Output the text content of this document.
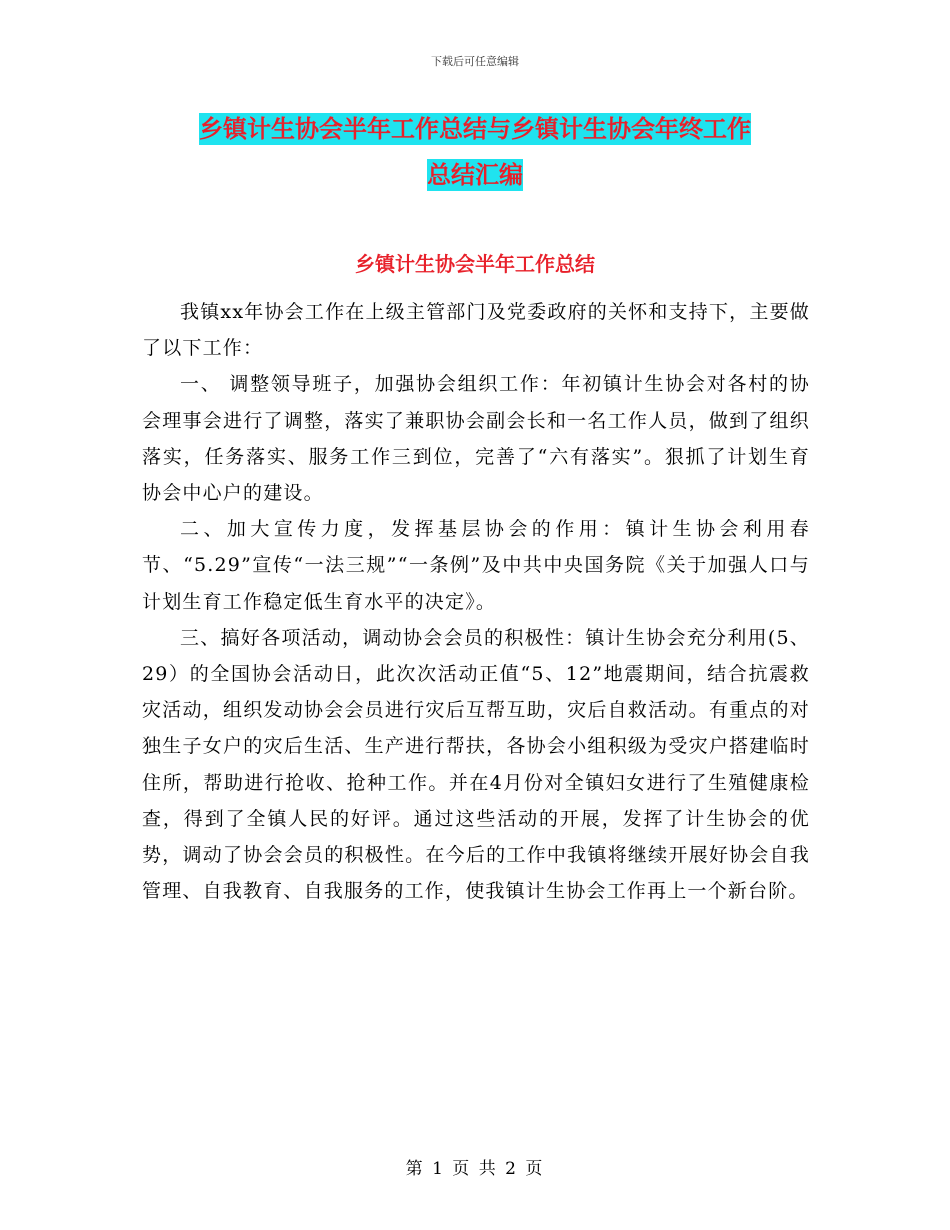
下载后可任意编辑
乡镇计生协会半年工作总结与乡镇计生协会年终工作
总结汇编
乡镇计生协会半年工作总结

我镇xx年协会工作在上级主管部门及党委政府的关怀和支持下，主要做了以下工作：

一、 调整领导班子，加强协会组织工作：年初镇计生协会对各村的协会理事会进行了调整，落实了兼职协会副会长和一名工作人员，做到了组织落实，任务落实、服务工作三到位，完善了“六有落实”。狠抓了计划生育协会中心户的建设。

二、加大宣传力度，发挥基层协会的作用：镇计生协会利用春节、“5.29”宣传“一法三规”“一条例”及中共中央国务院《关于加强人口与计划生育工作稳定低生育水平的决定》。

三、搞好各项活动，调动协会会员的积极性：镇计生协会充分利用(5、29）的全国协会活动日，此次次活动正值“5、12”地震期间，结合抗震救灾活动，组织发动协会会员进行灾后互帮互助，灾后自救活动。有重点的对独生子女户的灾后生活、生产进行帮扶，各协会小组积级为受灾户搭建临时住所，帮助进行抢收、抢种工作。并在4月份对全镇妇女进行了生殖健康检查，得到了全镇人民的好评。通过这些活动的开展，发挥了计生协会的优势，调动了协会会员的积极性。在今后的工作中我镇将继续开展好协会自我管理、自我教育、自我服务的工作，使我镇计生协会工作再上一个新台阶。

第 1 页 共 2 页
